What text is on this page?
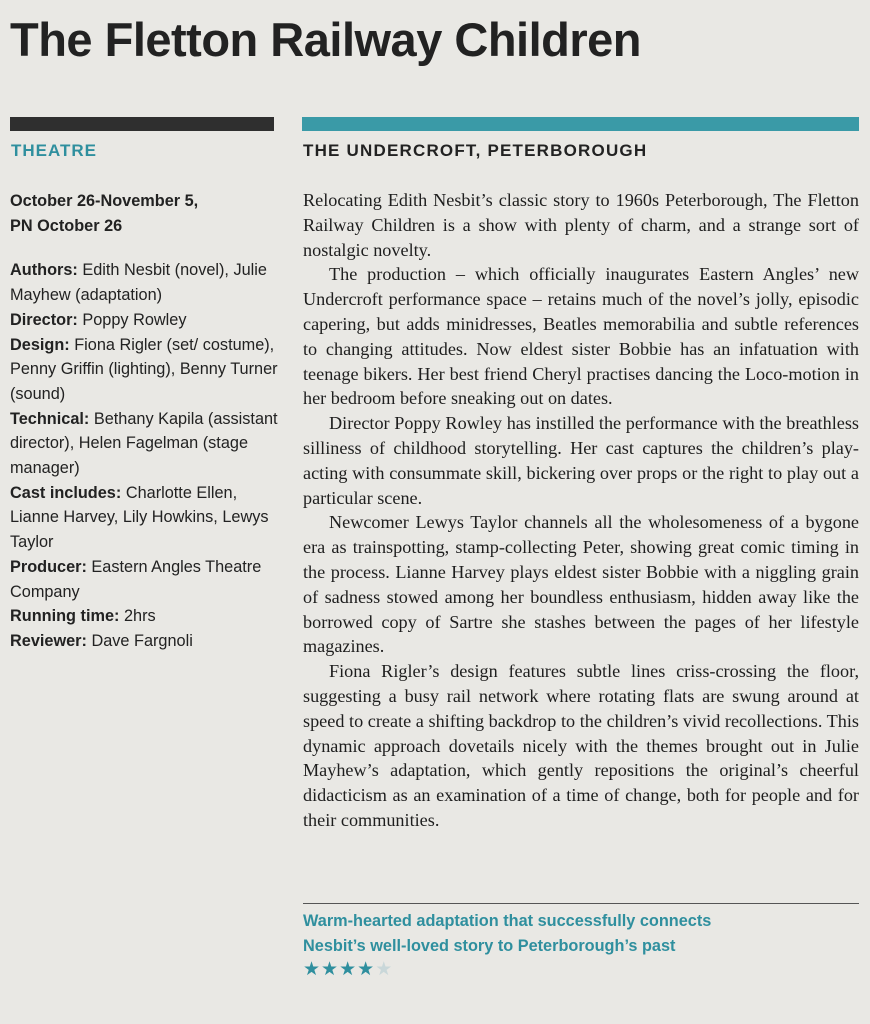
The Fletton Railway Children
THEATRE	THE UNDERCROFT, PETERBOROUGH
October 26-November 5,
PN October 26
Authors: Edith Nesbit (novel), Julie Mayhew (adaptation)
Director: Poppy Rowley
Design: Fiona Rigler (set/ costume), Penny Griffin (lighting), Benny Turner (sound)
Technical: Bethany Kapila (assistant director), Helen Fagelman (stage manager)
Cast includes: Charlotte Ellen, Lianne Harvey, Lily Howkins, Lewys Taylor
Producer: Eastern Angles Theatre Company
Running time: 2hrs
Reviewer: Dave Fargnoli

Relocating Edith Nesbit’s classic story to 1960s Peterborough, The Fletton Railway Children is a show with plenty of charm, and a strange sort of nostalgic novelty.

The production – which officially inaugurates Eastern Angles’ new Undercroft performance space – retains much of the novel’s jolly, episodic capering, but adds minidresses, Beatles memorabilia and subtle references to changing attitudes. Now eldest sister Bobbie has an infatuation with teenage bikers. Her best friend Cheryl practises dancing the Loco-motion in her bedroom before sneaking out on dates.

Director Poppy Rowley has instilled the performance with the breathless silliness of childhood storytelling. Her cast captures the children’s play-acting with consummate skill, bickering over props or the right to play out a particular scene.

Newcomer Lewys Taylor channels all the wholesomeness of a bygone era as trainspotting, stamp-collecting Peter, showing great comic timing in the process. Lianne Harvey plays eldest sister Bobbie with a niggling grain of sadness stowed among her boundless enthusiasm, hidden away like the borrowed copy of Sartre she stashes between the pages of her lifestyle magazines.

Fiona Rigler’s design features subtle lines criss-crossing the floor, suggesting a busy rail network where rotating flats are swung around at speed to create a shifting backdrop to the children’s vivid recollections. This dynamic approach dovetails nicely with the themes brought out in Julie Mayhew’s adaptation, which gently repositions the original’s cheerful didacticism as an examination of a time of change, both for people and for their communities.

Warm-hearted adaptation that successfully connects
Nesbit’s well-loved story to Peterborough’s past
★★★★★
